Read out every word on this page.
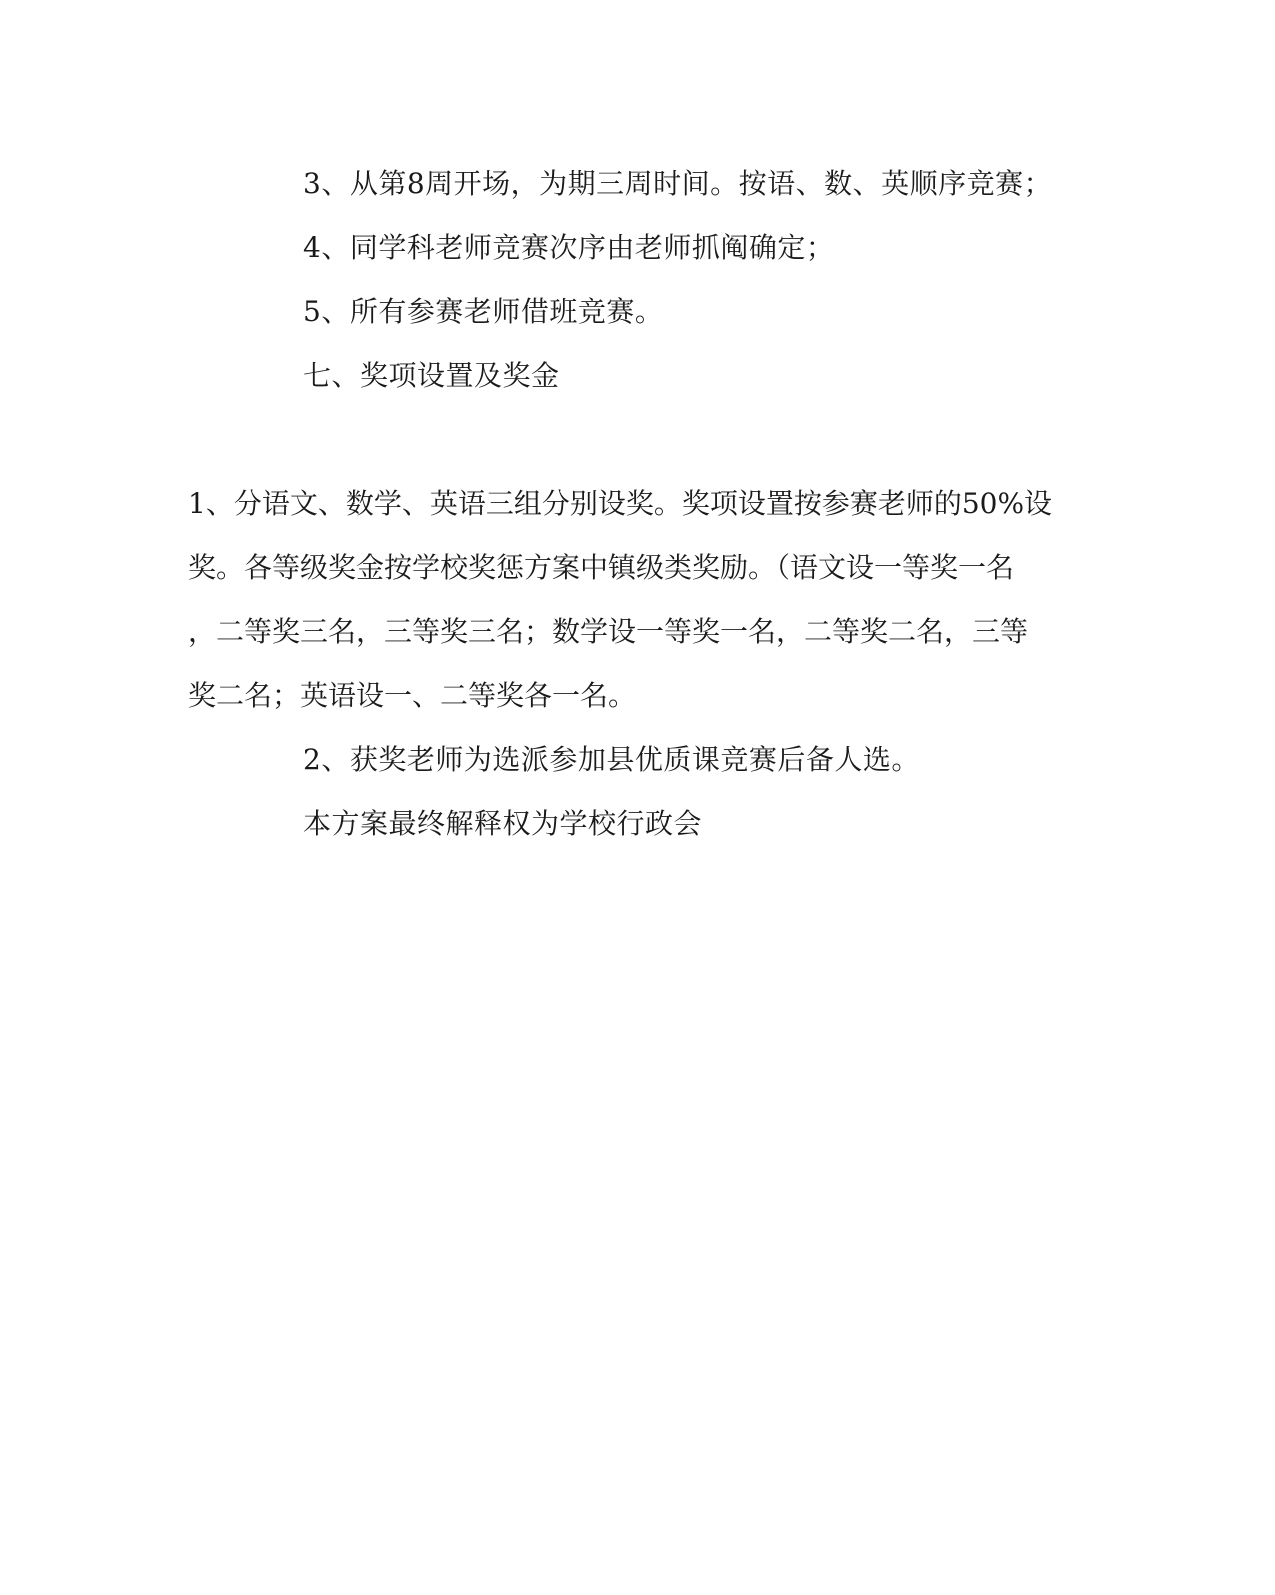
3、从第8周开场，为期三周时间。按语、数、英顺序竞赛；
4、同学科老师竞赛次序由老师抓阄确定；
5、所有参赛老师借班竞赛。
七、奖项设置及奖金
1、分语文、数学、英语三组分别设奖。奖项设置按参赛老师的50%设
奖。各等级奖金按学校奖惩方案中镇级类奖励。（语文设一等奖一名
，二等奖三名，三等奖三名；数学设一等奖一名，二等奖二名，三等
奖二名；英语设一、二等奖各一名。
2、获奖老师为选派参加县优质课竞赛后备人选。
本方案最终解释权为学校行政会
